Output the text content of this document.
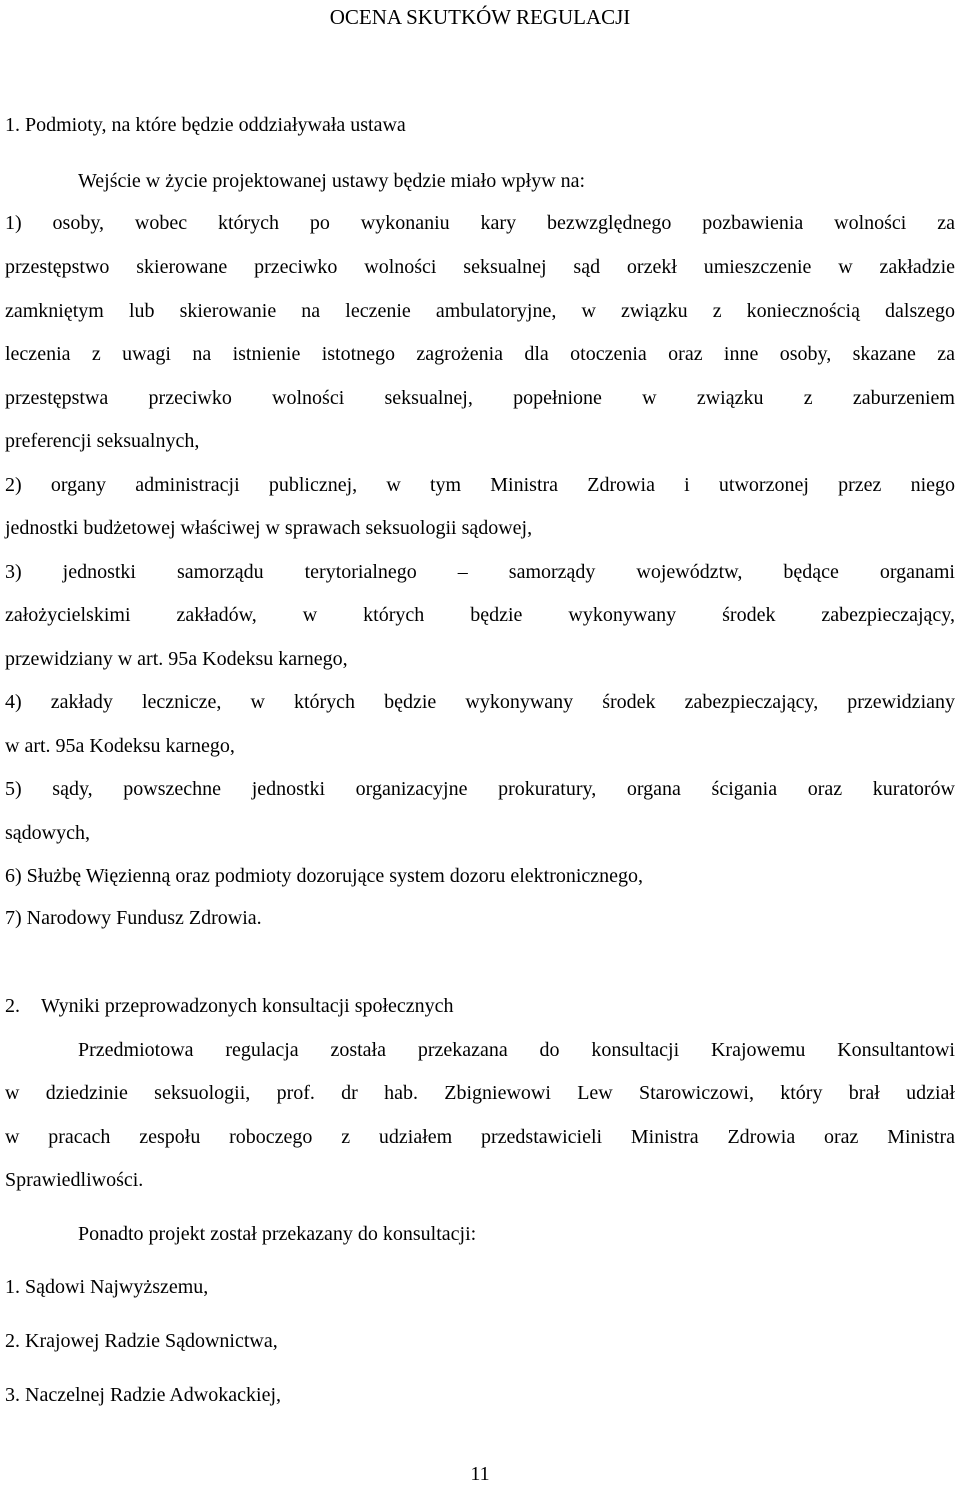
OCENA SKUTKÓW REGULACJI
1. Podmioty, na które będzie oddziaływała ustawa
Wejście w życie projektowanej ustawy będzie miało wpływ na:
1) osoby, wobec których po wykonaniu kary bezwzględnego pozbawienia wolności za
przestępstwo skierowane przeciwko wolności seksualnej sąd orzekł umieszczenie w zakładzie
zamkniętym lub skierowanie na leczenie ambulatoryjne, w związku z koniecznością dalszego
leczenia z uwagi na istnienie istotnego zagrożenia dla otoczenia oraz inne osoby, skazane za
przestępstwa przeciwko wolności seksualnej, popełnione w związku z zaburzeniem
preferencji seksualnych,
2) organy administracji publicznej, w tym Ministra Zdrowia i utworzonej przez niego
jednostki budżetowej właściwej w sprawach seksuologii sądowej,
3) jednostki samorządu terytorialnego – samorządy województw, będące organami
założycielskimi zakładów, w których będzie wykonywany środek zabezpieczający,
przewidziany w art. 95a Kodeksu karnego,
4) zakłady lecznicze, w których będzie wykonywany środek zabezpieczający, przewidziany
w art. 95a Kodeksu karnego,
5) sądy, powszechne jednostki organizacyjne prokuratury, organa ścigania oraz kuratorów
sądowych,
6) Służbę Więzienną oraz podmioty dozorujące system dozoru elektronicznego,
7) Narodowy Fundusz Zdrowia.
2.	Wyniki przeprowadzonych konsultacji społecznych
Przedmiotowa regulacja została przekazana do konsultacji Krajowemu Konsultantowi
w dziedzinie seksuologii, prof. dr hab. Zbigniewowi Lew Starowiczowi, który brał udział
w pracach zespołu roboczego z udziałem przedstawicieli Ministra Zdrowia oraz Ministra
Sprawiedliwości.
Ponadto projekt został przekazany do konsultacji:
1. Sądowi Najwyższemu,
2. Krajowej Radzie Sądownictwa,
3. Naczelnej Radzie Adwokackiej,
11
